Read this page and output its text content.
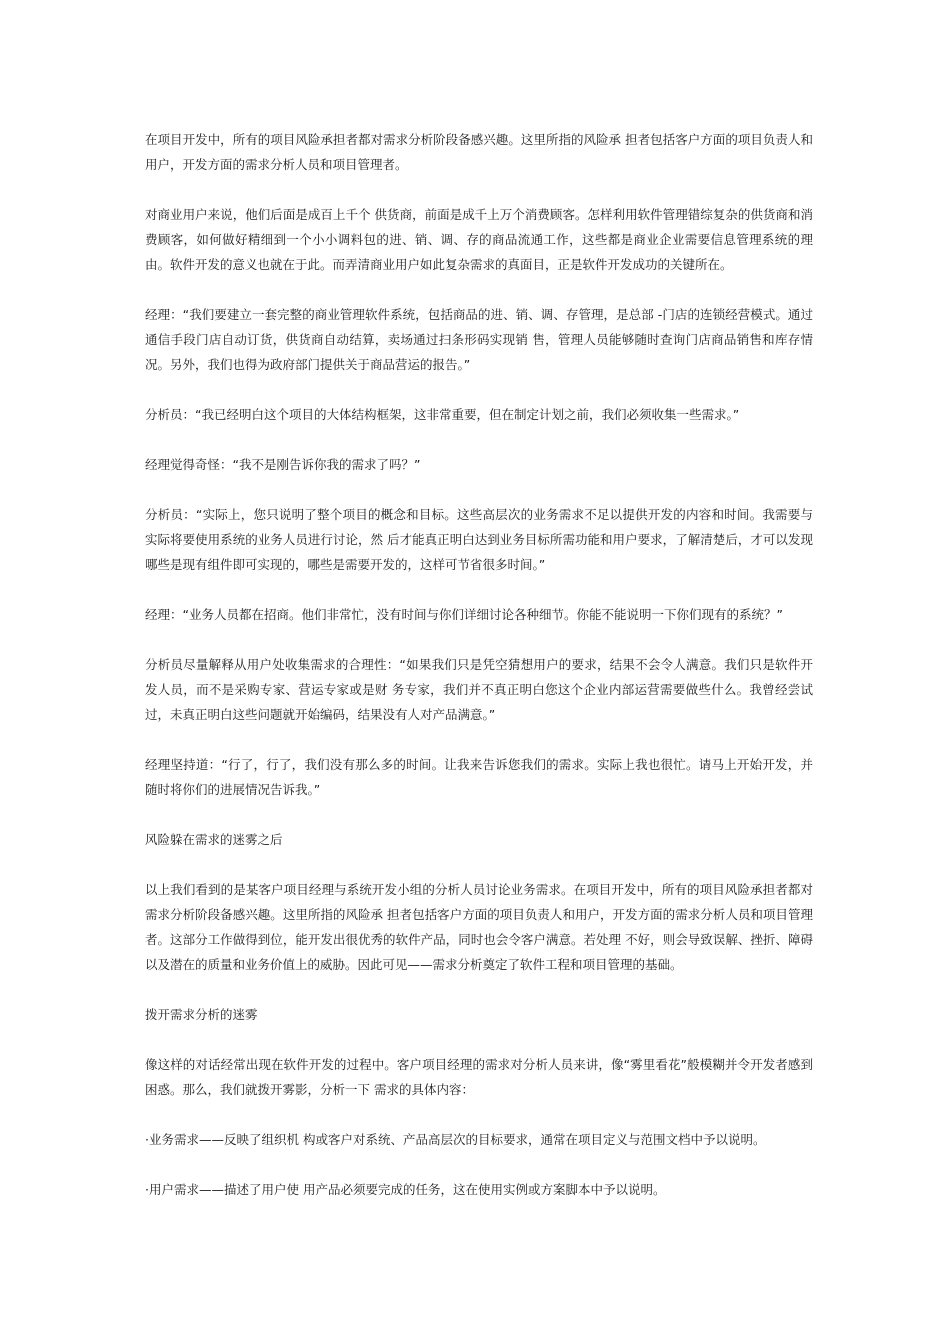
在项目开发中，所有的项目风险承担者都对需求分析阶段备感兴趣。这里所指的风险承 担者包括客户方面的项目负责人和用户，开发方面的需求分析人员和项目管理者。

对商业用户来说，他们后面是成百上千个 供货商，前面是成千上万个消费顾客。怎样利用软件管理错综复杂的供货商和消费顾客，如何做好精细到一个小小调料包的进、销、调、存的商品流通工作，这些都是商业企业需要信息管理系统的理由。软件开发的意义也就在于此。而弄清商业用户如此复杂需求的真面目，正是软件开发成功的关键所在。

经理：“我们要建立一套完整的商业管理软件系统，包括商品的进、销、调、存管理，是总部 -门店的连锁经营模式。通过通信手段门店自动订货，供货商自动结算，卖场通过扫条形码实现销 售，管理人员能够随时查询门店商品销售和库存情况。另外，我们也得为政府部门提供关于商品营运的报告。”

分析员：“我已经明白这个项目的大体结构框架，这非常重要，但在制定计划之前，我们必须收集一些需求。”

经理觉得奇怪：“我不是刚告诉你我的需求了吗？”

分析员：“实际上，您只说明了整个项目的概念和目标。这些高层次的业务需求不足以提供开发的内容和时间。我需要与实际将要使用系统的业务人员进行讨论，然 后才能真正明白达到业务目标所需功能和用户要求，了解清楚后，才可以发现哪些是现有组件即可实现的，哪些是需要开发的，这样可节省很多时间。”

经理：“业务人员都在招商。他们非常忙，没有时间与你们详细讨论各种细节。你能不能说明一下你们现有的系统？”

分析员尽量解释从用户处收集需求的合理性：“如果我们只是凭空猜想用户的要求，结果不会令人满意。我们只是软件开发人员，而不是采购专家、营运专家或是财 务专家，我们并不真正明白您这个企业内部运营需要做些什么。我曾经尝试过，未真正明白这些问题就开始编码，结果没有人对产品满意。”

经理坚持道：“行了，行了，我们没有那么多的时间。让我来告诉您我们的需求。实际上我也很忙。请马上开始开发，并随时将你们的进展情况告诉我。”

风险躲在需求的迷雾之后

以上我们看到的是某客户项目经理与系统开发小组的分析人员讨论业务需求。在项目开发中，所有的项目风险承担者都对需求分析阶段备感兴趣。这里所指的风险承 担者包括客户方面的项目负责人和用户，开发方面的需求分析人员和项目管理者。这部分工作做得到位，能开发出很优秀的软件产品，同时也会令客户满意。若处理 不好，则会导致误解、挫折、障碍以及潜在的质量和业务价值上的威胁。因此可见——需求分析奠定了软件工程和项目管理的基础。

拨开需求分析的迷雾

像这样的对话经常出现在软件开发的过程中。客户项目经理的需求对分析人员来讲，像“雾里看花”般模糊并令开发者感到困惑。那么，我们就拨开雾影，分析一下 需求的具体内容：

·业务需求——反映了组织机 构或客户对系统、产品高层次的目标要求，通常在项目定义与范围文档中予以说明。

·用户需求——描述了用户使 用产品必须要完成的任务，这在使用实例或方案脚本中予以说明。
